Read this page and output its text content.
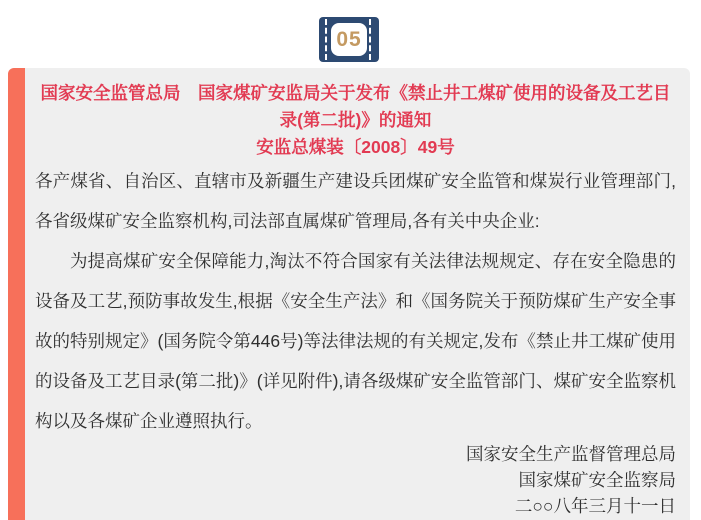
05
国家安全监管总局　国家煤矿安监局关于发布《禁止井工煤矿使用的设备及工艺目录(第二批)》的通知
安监总煤装〔2008〕49号

各产煤省、自治区、直辖市及新疆生产建设兵团煤矿安全监管和煤炭行业管理部门,各省级煤矿安全监察机构,司法部直属煤矿管理局,各有关中央企业:

为提高煤矿安全保障能力,淘汰不符合国家有关法律法规规定、存在安全隐患的设备及工艺,预防事故发生,根据《安全生产法》和《国务院关于预防煤矿生产安全事故的特别规定》(国务院令第446号)等法律法规的有关规定,发布《禁止井工煤矿使用的设备及工艺目录(第二批)》(详见附件),请各级煤矿安全监管部门、煤矿安全监察机构以及各煤矿企业遵照执行。

国家安全生产监督管理总局
国家煤矿安全监察局
二○○八年三月十一日
